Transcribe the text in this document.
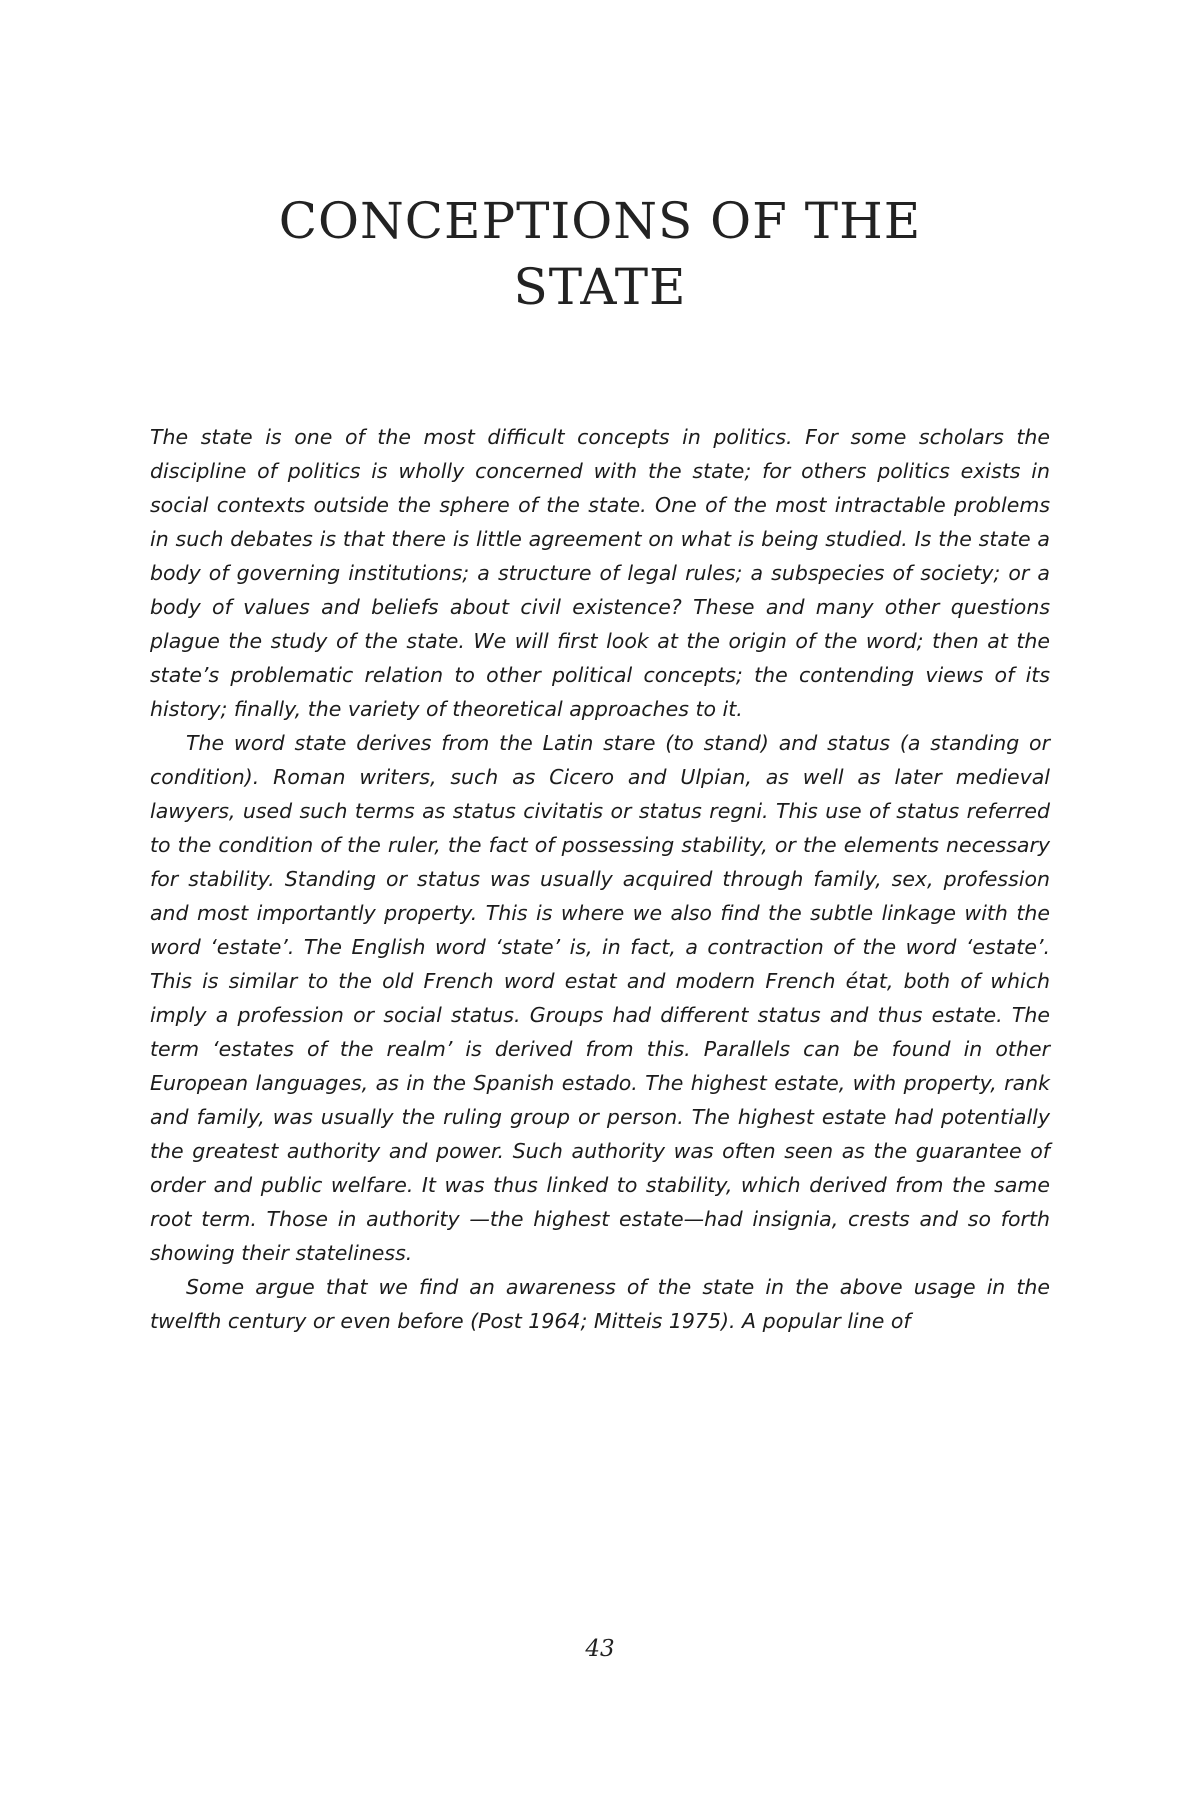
CONCEPTIONS OF THE
STATE

The state is one of the most difficult concepts in politics. For some scholars the discipline of politics is wholly concerned with the state; for others politics exists in social contexts outside the sphere of the state. One of the most intractable problems in such debates is that there is little agreement on what is being studied. Is the state a body of governing institutions; a structure of legal rules; a subspecies of society; or a body of values and beliefs about civil existence? These and many other questions plague the study of the state. We will first look at the origin of the word; then at the state’s problematic relation to other political concepts; the contending views of its history; finally, the variety of theoretical approaches to it.

The word state derives from the Latin stare (to stand) and status (a standing or condition). Roman writers, such as Cicero and Ulpian, as well as later medieval lawyers, used such terms as status civitatis or status regni. This use of status referred to the condition of the ruler, the fact of possessing stability, or the elements necessary for stability. Standing or status was usually acquired through family, sex, profession and most importantly property. This is where we also find the subtle linkage with the word ‘estate’. The English word ‘state’ is, in fact, a contraction of the word ‘estate’. This is similar to the old French word estat and modern French état, both of which imply a profession or social status. Groups had different status and thus estate. The term ‘estates of the realm’ is derived from this. Parallels can be found in other European languages, as in the Spanish estado. The highest estate, with property, rank and family, was usually the ruling group or person. The highest estate had potentially the greatest authority and power. Such authority was often seen as the guarantee of order and public welfare. It was thus linked to stability, which derived from the same root term. Those in authority —the highest estate—had insignia, crests and so forth showing their stateliness.

Some argue that we find an awareness of the state in the above usage in the twelfth century or even before (Post 1964; Mitteis 1975). A popular line of

43
